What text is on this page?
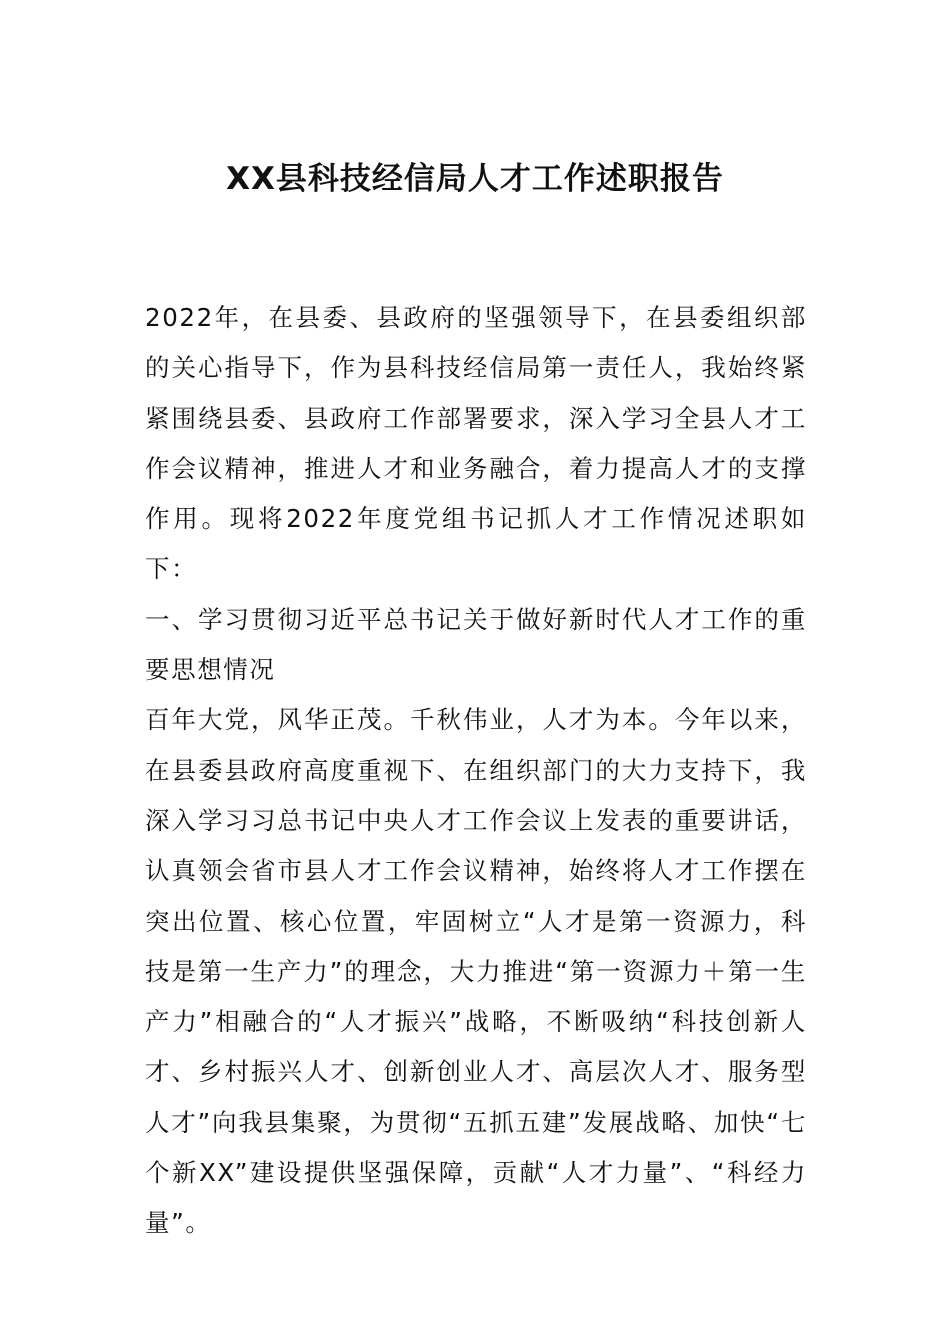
XX县科技经信局人才工作述职报告

2022年，在县委、县政府的坚强领导下，在县委组织部的关心指导下，作为县科技经信局第一责任人，我始终紧紧围绕县委、县政府工作部署要求，深入学习全县人才工作会议精神，推进人才和业务融合，着力提高人才的支撑作用。现将2022年度党组书记抓人才工作情况述职如下：

一、学习贯彻习近平总书记关于做好新时代人才工作的重要思想情况

百年大党，风华正茂。千秋伟业，人才为本。今年以来，在县委县政府高度重视下、在组织部门的大力支持下，我深入学习习总书记中央人才工作会议上发表的重要讲话，认真领会省市县人才工作会议精神，始终将人才工作摆在突出位置、核心位置，牢固树立“人才是第一资源力，科技是第一生产力”的理念，大力推进“第一资源力＋第一生产力”相融合的“人才振兴”战略，不断吸纳“科技创新人才、乡村振兴人才、创新创业人才、高层次人才、服务型人才”向我县集聚，为贯彻“五抓五建”发展战略、加快“七个新XX”建设提供坚强保障，贡献“人才力量”、“科经力量”。
